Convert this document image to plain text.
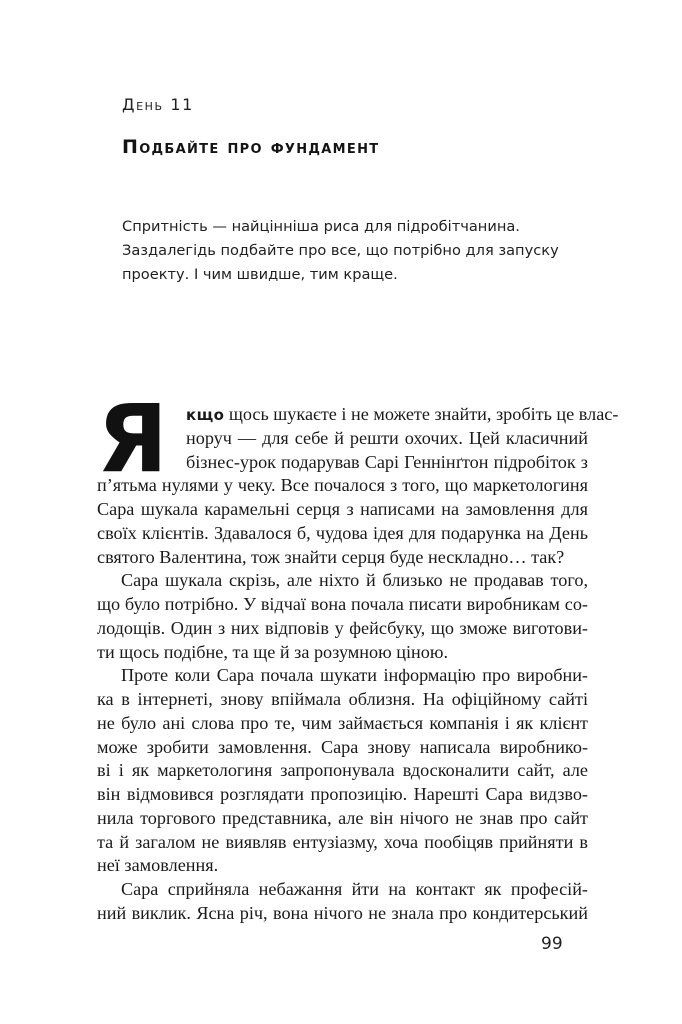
День 11

Подбайте про фундамент
Спритність — найцінніша риса для підробітчанина.
Заздалегідь подбайте про все, що потрібно для запуску
проекту. І чим швидше, тим краще.
Я	кщо щось шукаєте і не можете знайти, зробіть це влас-
норуч — для себе й решти охочих. Цей класичний
бізнес-урок подарував Сарі Геннінґтон підробіток з
п’ятьма нулями у чеку. Все почалося з того, що маркетологиня
Сара шукала карамельні серця з написами на замовлення для
своїх клієнтів. Здавалося б, чудова ідея для подарунка на День
святого Валентина, тож знайти серця буде нескладно… так?
Сара шукала скрізь, але ніхто й близько не продавав того,
що було потрібно. У відчаї вона почала писати виробникам со-
лодощів. Один з них відповів у фейсбуку, що зможе виготови-
ти щось подібне, та ще й за розумною ціною.
Проте коли Сара почала шукати інформацію про виробни-
ка в інтернеті, знову впіймала облизня. На офіційному сайті
не було ані слова про те, чим займається компанія і як клієнт
може зробити замовлення. Сара знову написала виробнико-
ві і як маркетологиня запропонувала вдосконалити сайт, але
він відмовився розглядати пропозицію. Нарешті Сара видзво-
нила торгового представника, але він нічого не знав про сайт
та й загалом не виявляв ентузіазму, хоча пообіцяв прийняти в
неї замовлення.
Сара сприйняла небажання йти на контакт як професій-
ний виклик. Ясна річ, вона нічого не знала про кондитерський

99
